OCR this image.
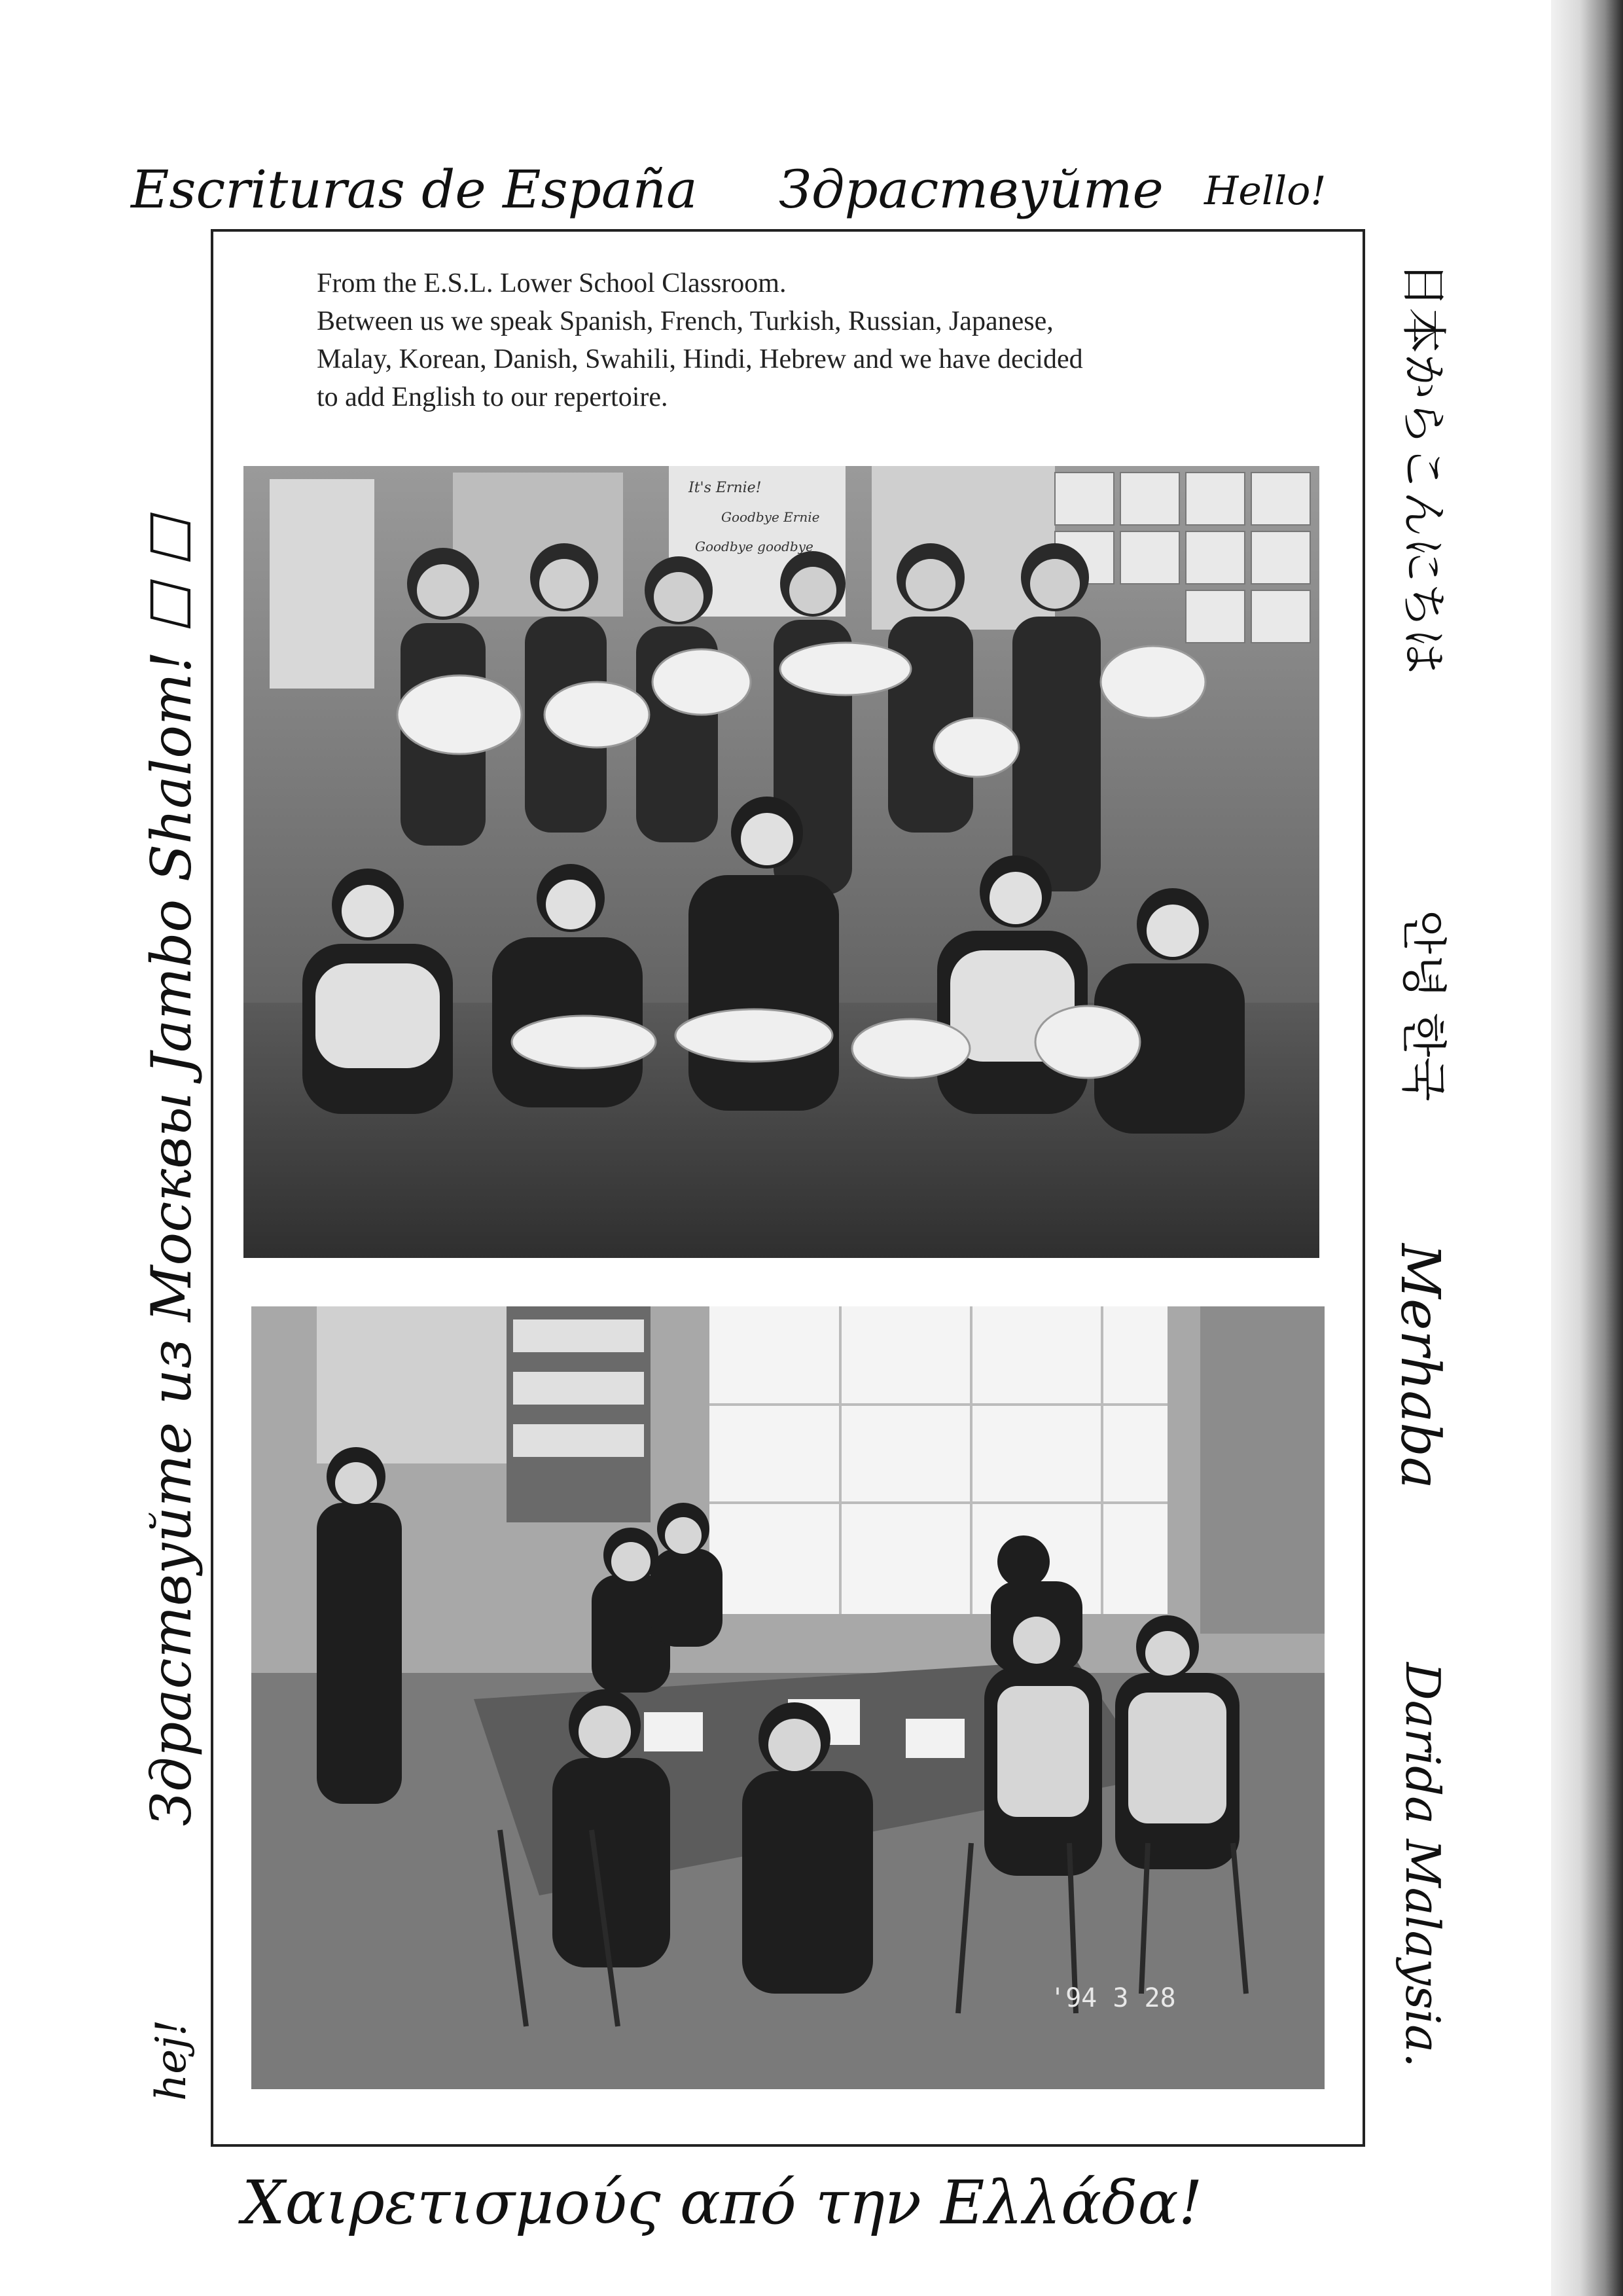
Escrituras de España Здраствуйте Hello!
Здраствуйте из Москвы Jambo Shalom! ☐ ☐
hej!
日本からこんにちは
안녕 한국
Merhaba
Darida Malaysia.
Χαιρετισμούς από την Ελλάδα!
From the E.S.L. Lower School Classroom.
Between us we speak Spanish, French, Turkish, Russian, Japanese,
Malay, Korean, Danish, Swahili, Hindi, Hebrew and we have decided
to add English to our repertoire.
It's Ernie!
Goodbye Ernie
Goodbye goodbye
'94 3 28
